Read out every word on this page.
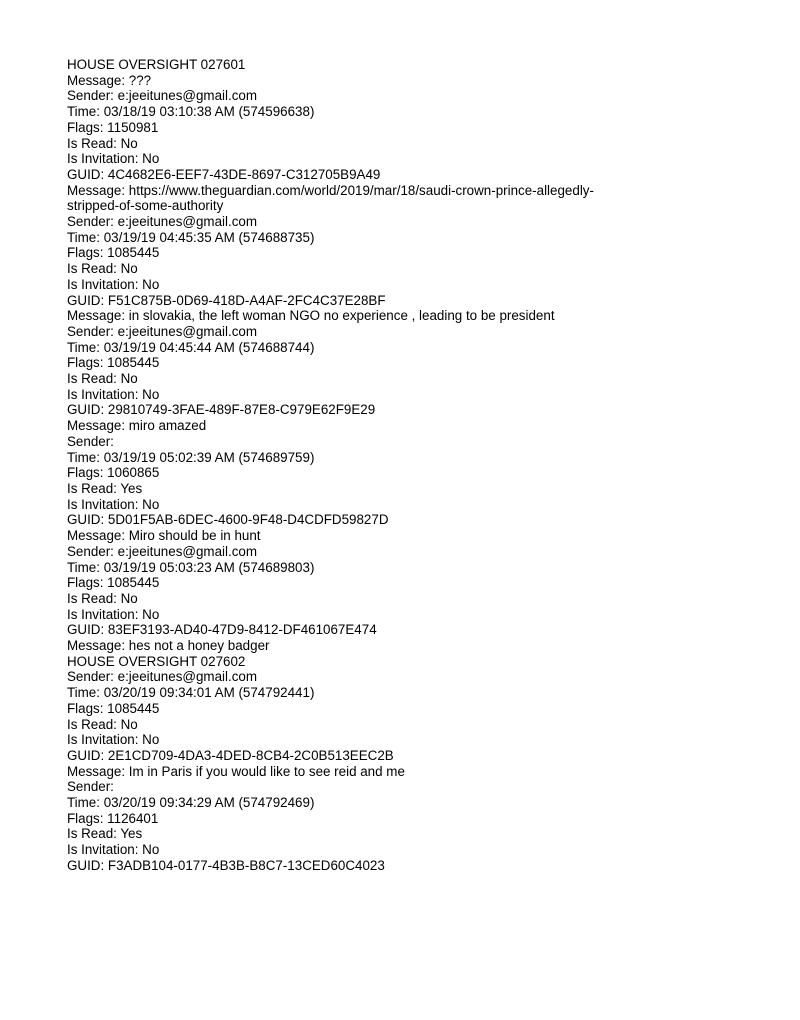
HOUSE OVERSIGHT 027601
Message: ???
Sender: e:jeeitunes@gmail.com
Time: 03/18/19 03:10:38 AM (574596638)
Flags: 1150981
Is Read: No
Is Invitation: No
GUID: 4C4682E6-EEF7-43DE-8697-C312705B9A49
Message: https://www.theguardian.com/world/2019/mar/18/saudi-crown-prince-allegedly-
stripped-of-some-authority
Sender: e:jeeitunes@gmail.com
Time: 03/19/19 04:45:35 AM (574688735)
Flags: 1085445
Is Read: No
Is Invitation: No
GUID: F51C875B-0D69-418D-A4AF-2FC4C37E28BF
Message: in slovakia, the left woman NGO no experience , leading to be president
Sender: e:jeeitunes@gmail.com
Time: 03/19/19 04:45:44 AM (574688744)
Flags: 1085445
Is Read: No
Is Invitation: No
GUID: 29810749-3FAE-489F-87E8-C979E62F9E29
Message: miro amazed
Sender:
Time: 03/19/19 05:02:39 AM (574689759)
Flags: 1060865
Is Read: Yes
Is Invitation: No
GUID: 5D01F5AB-6DEC-4600-9F48-D4CDFD59827D
Message: Miro should be in hunt
Sender: e:jeeitunes@gmail.com
Time: 03/19/19 05:03:23 AM (574689803)
Flags: 1085445
Is Read: No
Is Invitation: No
GUID: 83EF3193-AD40-47D9-8412-DF461067E474
Message: hes not a honey badger
HOUSE OVERSIGHT 027602
Sender: e:jeeitunes@gmail.com
Time: 03/20/19 09:34:01 AM (574792441)
Flags: 1085445
Is Read: No
Is Invitation: No
GUID: 2E1CD709-4DA3-4DED-8CB4-2C0B513EEC2B
Message: Im in Paris if you would like to see reid and me
Sender:
Time: 03/20/19 09:34:29 AM (574792469)
Flags: 1126401
Is Read: Yes
Is Invitation: No
GUID: F3ADB104-0177-4B3B-B8C7-13CED60C4023
